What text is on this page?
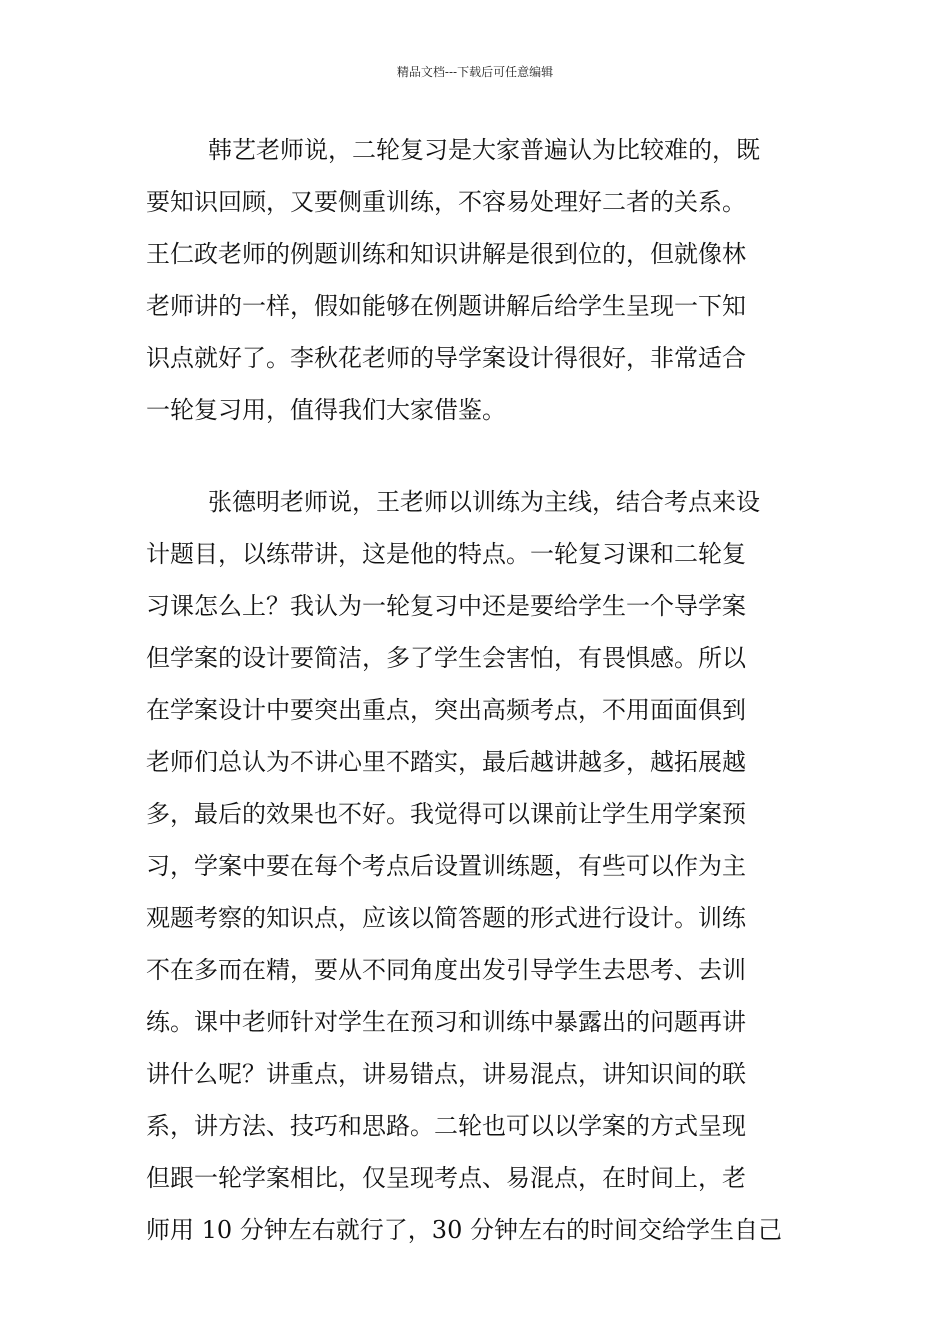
精品文档---下载后可任意编辑
韩艺老师说，二轮复习是大家普遍认为比较难的，既
要知识回顾，又要侧重训练，不容易处理好二者的关系。
王仁政老师的例题训练和知识讲解是很到位的，但就像林
老师讲的一样，假如能够在例题讲解后给学生呈现一下知
识点就好了。李秋花老师的导学案设计得很好，非常适合
一轮复习用，值得我们大家借鉴。
张德明老师说，王老师以训练为主线，结合考点来设
计题目，以练带讲，这是他的特点。一轮复习课和二轮复
习课怎么上？我认为一轮复习中还是要给学生一个导学案
但学案的设计要简洁，多了学生会害怕，有畏惧感。所以
在学案设计中要突出重点，突出高频考点，不用面面俱到
老师们总认为不讲心里不踏实，最后越讲越多，越拓展越
多，最后的效果也不好。我觉得可以课前让学生用学案预
习，学案中要在每个考点后设置训练题，有些可以作为主
观题考察的知识点，应该以简答题的形式进行设计。训练
不在多而在精，要从不同角度出发引导学生去思考、去训
练。课中老师针对学生在预习和训练中暴露出的问题再讲
讲什么呢？讲重点，讲易错点，讲易混点，讲知识间的联
系，讲方法、技巧和思路。二轮也可以以学案的方式呈现
但跟一轮学案相比，仅呈现考点、易混点，在时间上，老
师用 10 分钟左右就行了，30 分钟左右的时间交给学生自己
